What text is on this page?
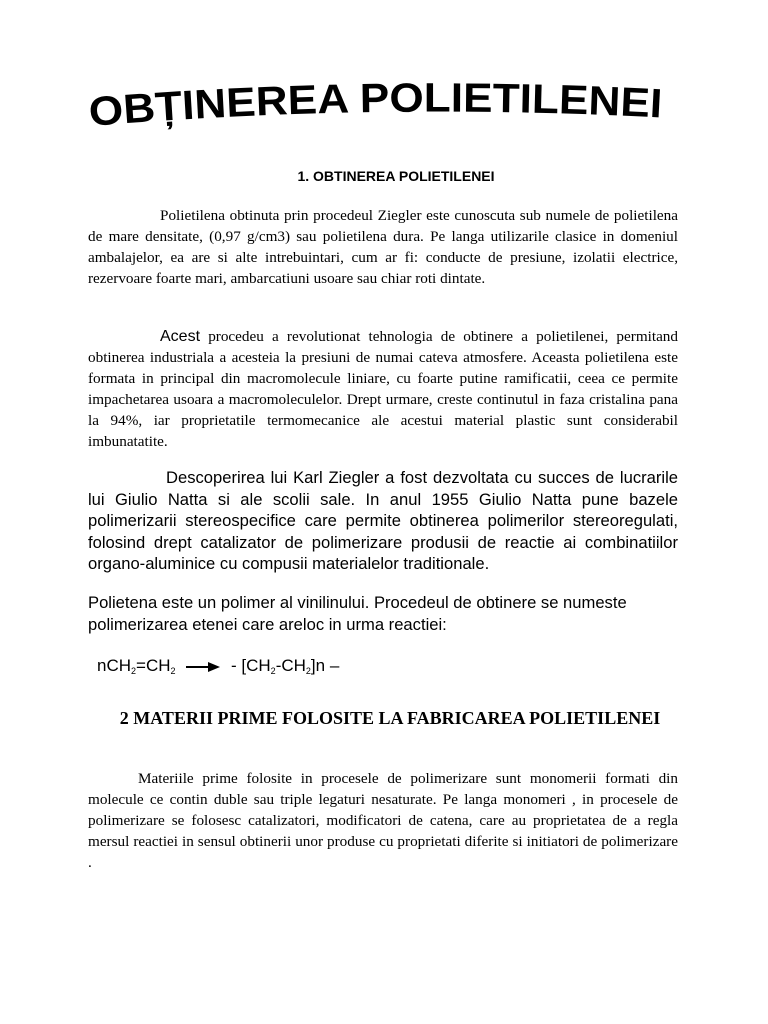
OBȚINEREA POLIETILENEI
1. OBTINEREA POLIETILENEI

Polietilena obtinuta prin procedeul Ziegler este cunoscuta sub numele de polietilena de mare densitate, (0,97 g/cm3) sau polietilena dura. Pe langa utilizarile clasice in domeniul ambalajelor, ea are si alte intrebuintari, cum ar fi: conducte de presiune, izolatii electrice, rezervoare foarte mari, ambarcatiuni usoare sau chiar roti dintate.

Acest procedeu a revolutionat tehnologia de obtinere a polietilenei, permitand obtinerea industriala a acesteia la presiuni de numai cateva atmosfere. Aceasta polietilena este formata in principal din macromolecule liniare, cu foarte putine ramificatii, ceea ce permite impachetarea usoara a macromoleculelor. Drept urmare, creste continutul in faza cristalina pana la 94%, iar proprietatile termomecanice ale acestui material plastic sunt considerabil imbunatatite.

Descoperirea lui Karl Ziegler a fost dezvoltata cu succes de lucrarile lui Giulio Natta si ale scolii sale. In anul 1955 Giulio Natta pune bazele polimerizarii stereospecifice care permite obtinerea polimerilor stereoregulati, folosind drept catalizator de polimerizare produsii de reactie ai combinatiilor organo-aluminice cu compusii materialelor traditionale.

Polietena este un polimer al vinilinului. Procedeul de obtinere se numeste polimerizarea etenei care areloc in urma reactiei:

$nCH_2=CH_2$ → - $[CH_2-CH_2]n$ –
2 MATERII PRIME FOLOSITE LA FABRICAREA POLIETILENEI

Materiile prime folosite in procesele de polimerizare sunt monomerii formati din molecule ce contin duble sau triple legaturi nesaturate. Pe langa monomeri , in procesele de polimerizare se folosesc catalizatori, modificatori de catena, care au proprietatea de a regla mersul reactiei in sensul obtinerii unor produse cu proprietati diferite si initiatori de polimerizare .
